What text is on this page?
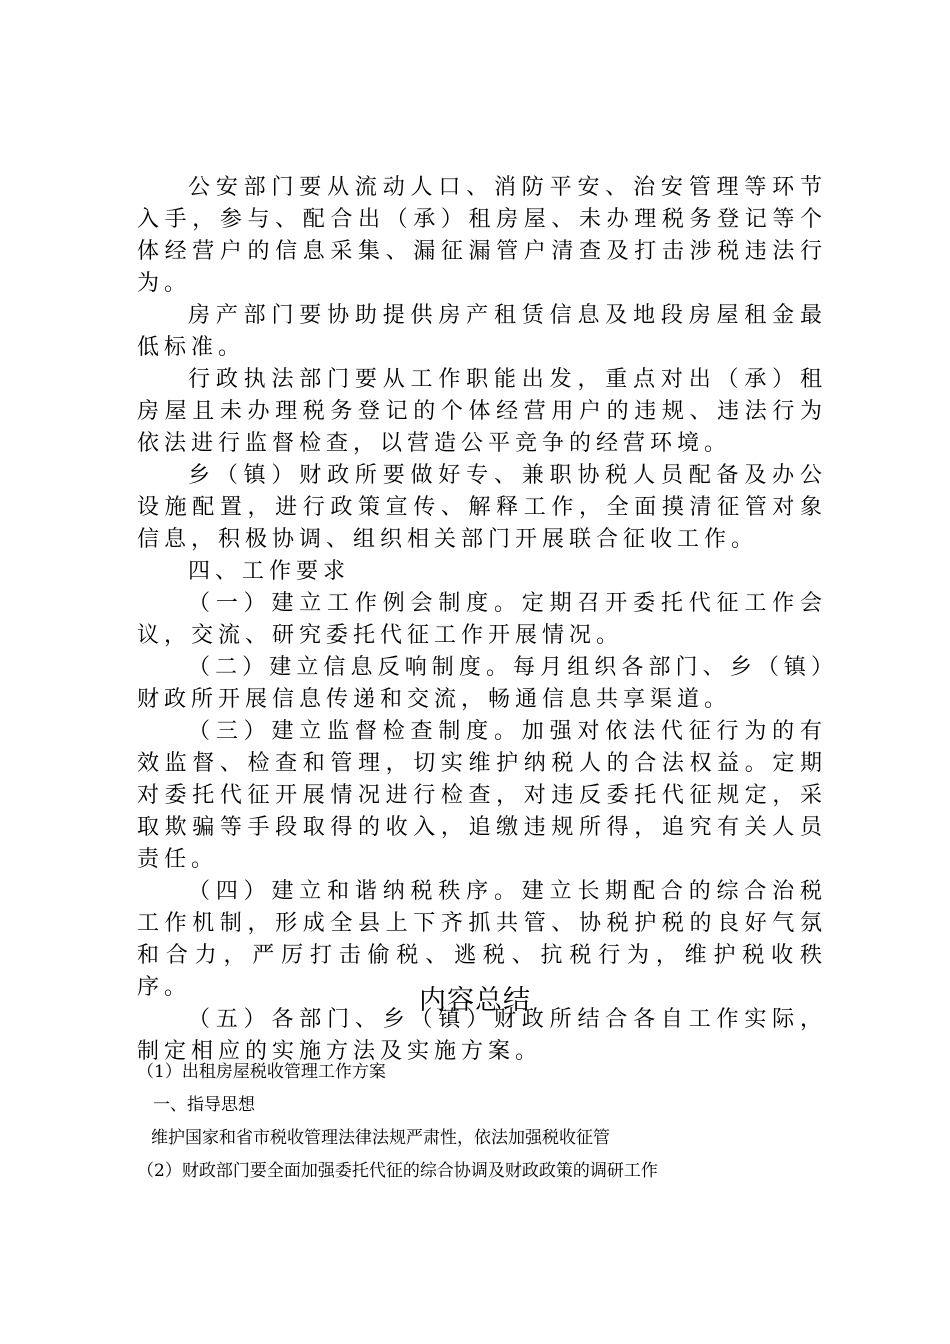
公安部门要从流动人口、消防平安、治安管理等环节入手，参与、配合出（承）租房屋、未办理税务登记等个体经营户的信息采集、漏征漏管户清查及打击涉税违法行为。

房产部门要协助提供房产租赁信息及地段房屋租金最低标准。

行政执法部门要从工作职能出发，重点对出（承）租房屋且未办理税务登记的个体经营用户的违规、违法行为依法进行监督检查，以营造公平竞争的经营环境。

乡（镇）财政所要做好专、兼职协税人员配备及办公设施配置，进行政策宣传、解释工作，全面摸清征管对象信息，积极协调、组织相关部门开展联合征收工作。

四、工作要求

（一）建立工作例会制度。定期召开委托代征工作会议，交流、研究委托代征工作开展情况。

（二）建立信息反响制度。每月组织各部门、乡（镇）财政所开展信息传递和交流，畅通信息共享渠道。

（三）建立监督检查制度。加强对依法代征行为的有效监督、检查和管理，切实维护纳税人的合法权益。定期对委托代征开展情况进行检查，对违反委托代征规定，采取欺骗等手段取得的收入，追缴违规所得，追究有关人员责任。

（四）建立和谐纳税秩序。建立长期配合的综合治税工作机制，形成全县上下齐抓共管、协税护税的良好气氛和合力，严厉打击偷税、逃税、抗税行为，维护税收秩序。

（五）各部门、乡（镇）财政所结合各自工作实际，制定相应的实施方法及实施方案。

内容总结

（1）出租房屋税收管理工作方案

一、指导思想

维护国家和省市税收管理法律法规严肃性，依法加强税收征管

（2）财政部门要全面加强委托代征的综合协调及财政政策的调研工作
